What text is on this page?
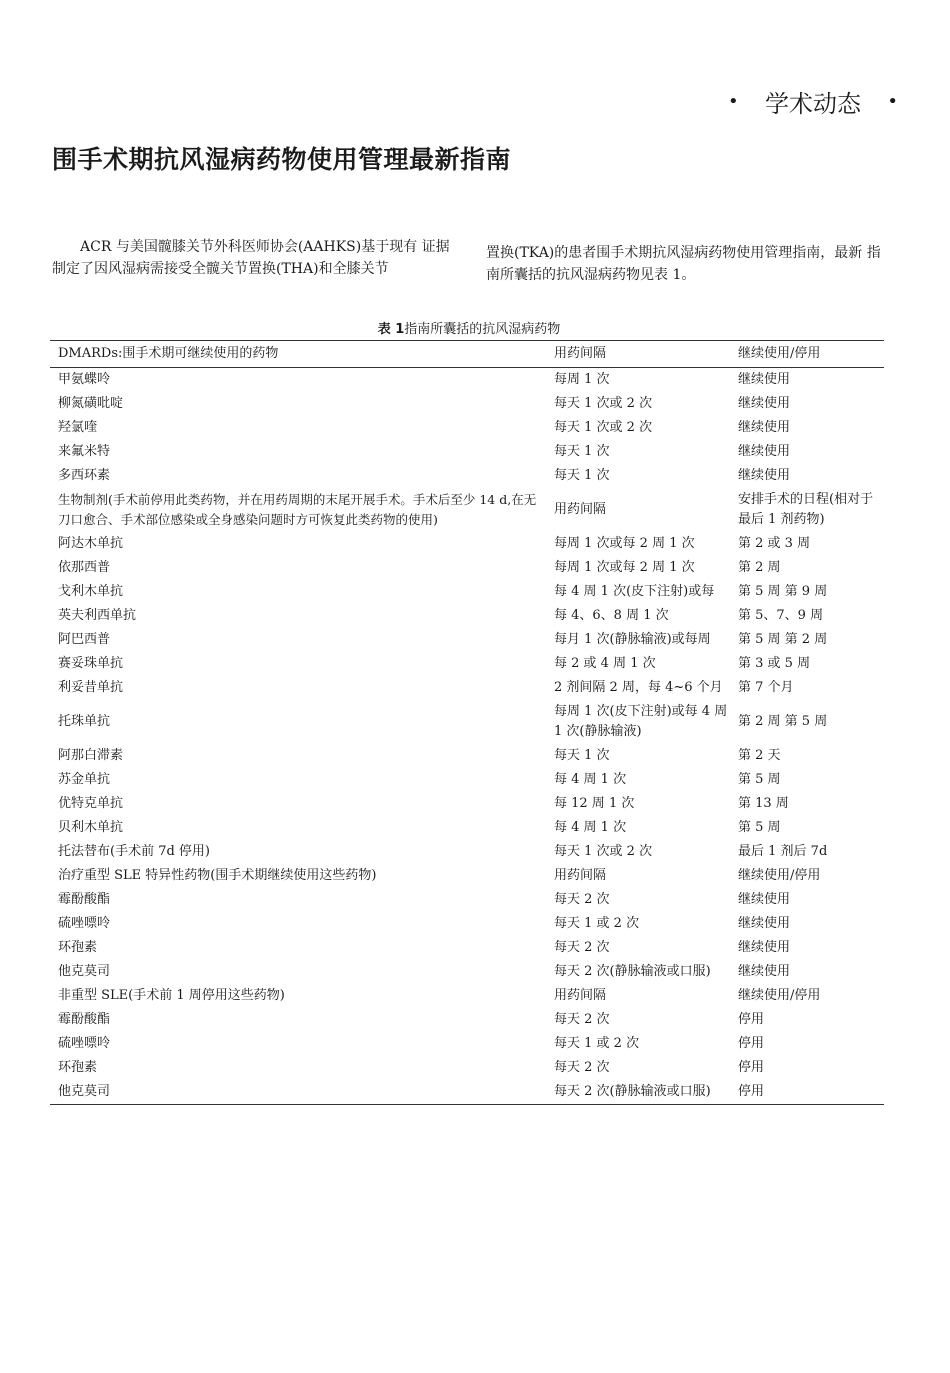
• 学术动态 •
围手术期抗风湿病药物使用管理最新指南
ACR 与美国髋膝关节外科医师协会(AAHKS)基于现有 证据制定了因风湿病需接受全髋关节置换(THA)和全膝关节
置换(TKA)的患者围手术期抗风湿病药物使用管理指南，最新 指南所囊括的抗风湿病药物见表 1。
表 1指南所囊括的抗风湿病药物
DMARDs:围手术期可继续使用的药物	用药间隔	继续使用/停用
甲氨蝶呤	每周 1 次	继续使用
柳氮磺吡啶	每天 1 次或 2 次	继续使用
羟氯喹	每天 1 次或 2 次	继续使用
来氟米特	每天 1 次	继续使用
多西环素	每天 1 次	继续使用
生物制剂(手术前停用此类药物，并在用药周期的末尾开展手术。手术后至少 14 d,在无刀口愈合、手术部位感染或全身感染问题时方可恢复此类药物的使用)	用药间隔	安排手术的日程(相对于最后 1 剂药物)
阿达木单抗	每周 1 次或每 2 周 1 次	第 2 或 3 周
依那西普	每周 1 次或每 2 周 1 次	第 2 周
戈利木单抗	每 4 周 1 次(皮下注射)或每	第 5 周 第 9 周
英夫利西单抗	每 4、6、8 周 1 次	第 5、7、9 周
阿巴西普	每月 1 次(静脉输液)或每周	第 5 周 第 2 周
赛妥珠单抗	每 2 或 4 周 1 次	第 3 或 5 周
利妥昔单抗	2 剂间隔 2 周，每 4~6 个月	第 7 个月
托珠单抗	每周 1 次(皮下注射)或每 4 周 1 次(静脉输液)	第 2 周 第 5 周
阿那白滞素	每天 1 次	第 2 天
苏金单抗	每 4 周 1 次	第 5 周
优特克单抗	每 12 周 1 次	第 13 周
贝利木单抗	每 4 周 1 次	第 5 周
托法替布(手术前 7d 停用)	每天 1 次或 2 次	最后 1 剂后 7d
治疗重型 SLE 特异性药物(围手术期继续使用这些药物)	用药间隔	继续使用/停用
霉酚酸酯	每天 2 次	继续使用
硫唑嘌呤	每天 1 或 2 次	继续使用
环孢素	每天 2 次	继续使用
他克莫司	每天 2 次(静脉输液或口服)	继续使用
非重型 SLE(手术前 1 周停用这些药物)	用药间隔	继续使用/停用
霉酚酸酯	每天 2 次	停用
硫唑嘌呤	每天 1 或 2 次	停用
环孢素	每天 2 次	停用
他克莫司	每天 2 次(静脉输液或口服)	停用
